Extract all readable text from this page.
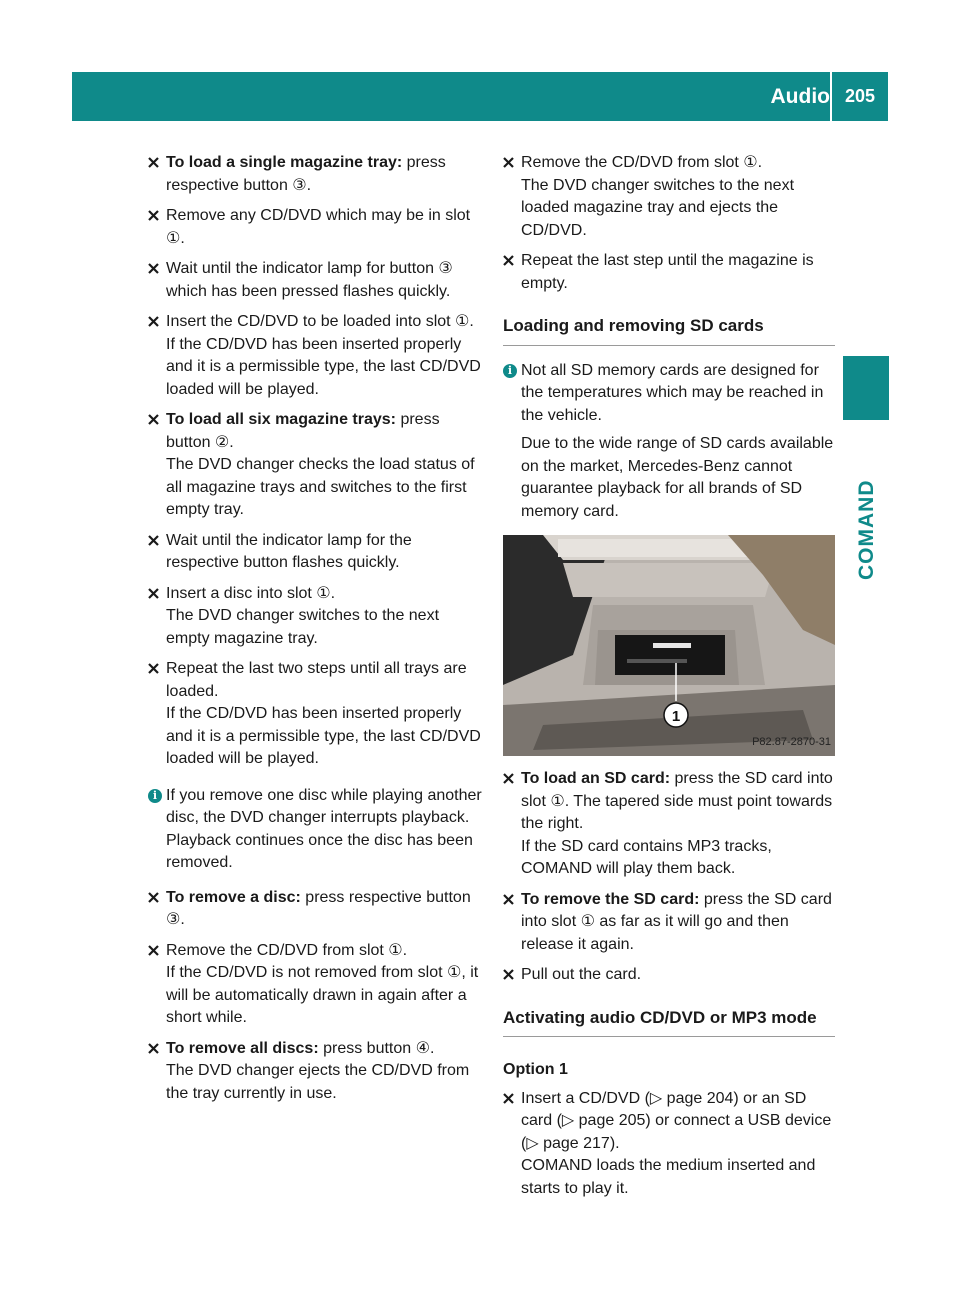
Audio 205
COMAND
To load a single magazine tray: press respective button ③.
Remove any CD/DVD which may be in slot ①.
Wait until the indicator lamp for button ③ which has been pressed flashes quickly.
Insert the CD/DVD to be loaded into slot ①.
If the CD/DVD has been inserted properly and it is a permissible type, the last CD/DVD loaded will be played.
To load all six magazine trays: press button ②.
The DVD changer checks the load status of all magazine trays and switches to the first empty tray.
Wait until the indicator lamp for the respective button flashes quickly.
Insert a disc into slot ①.
The DVD changer switches to the next empty magazine tray.
Repeat the last two steps until all trays are loaded.
If the CD/DVD has been inserted properly and it is a permissible type, the last CD/DVD loaded will be played.
i If you remove one disc while playing another disc, the DVD changer interrupts playback. Playback continues once the disc has been removed.

To remove a disc: press respective button ③.
Remove the CD/DVD from slot ①.
If the CD/DVD is not removed from slot ①, it will be automatically drawn in again after a short while.
To remove all discs: press button ④.
The DVD changer ejects the CD/DVD from the tray currently in use.
Remove the CD/DVD from slot ①.
The DVD changer switches to the next loaded magazine tray and ejects the CD/DVD.
Repeat the last step until the magazine is empty.
Loading and removing SD cards
i Not all SD memory cards are designed for the temperatures which may be reached in the vehicle.

Due to the wide range of SD cards available on the market, Mercedes-Benz cannot guarantee playback for all brands of SD memory card.

1
P82.87-2870-31
To load an SD card: press the SD card into slot ①. The tapered side must point towards the right.
If the SD card contains MP3 tracks, COMAND will play them back.
To remove the SD card: press the SD card into slot ① as far as it will go and then release it again.
Pull out the card.
Activating audio CD/DVD or MP3 mode
Option 1
Insert a CD/DVD (▷ page 204) or an SD card (▷ page 205) or connect a USB device (▷ page 217).
COMAND loads the medium inserted and starts to play it.
